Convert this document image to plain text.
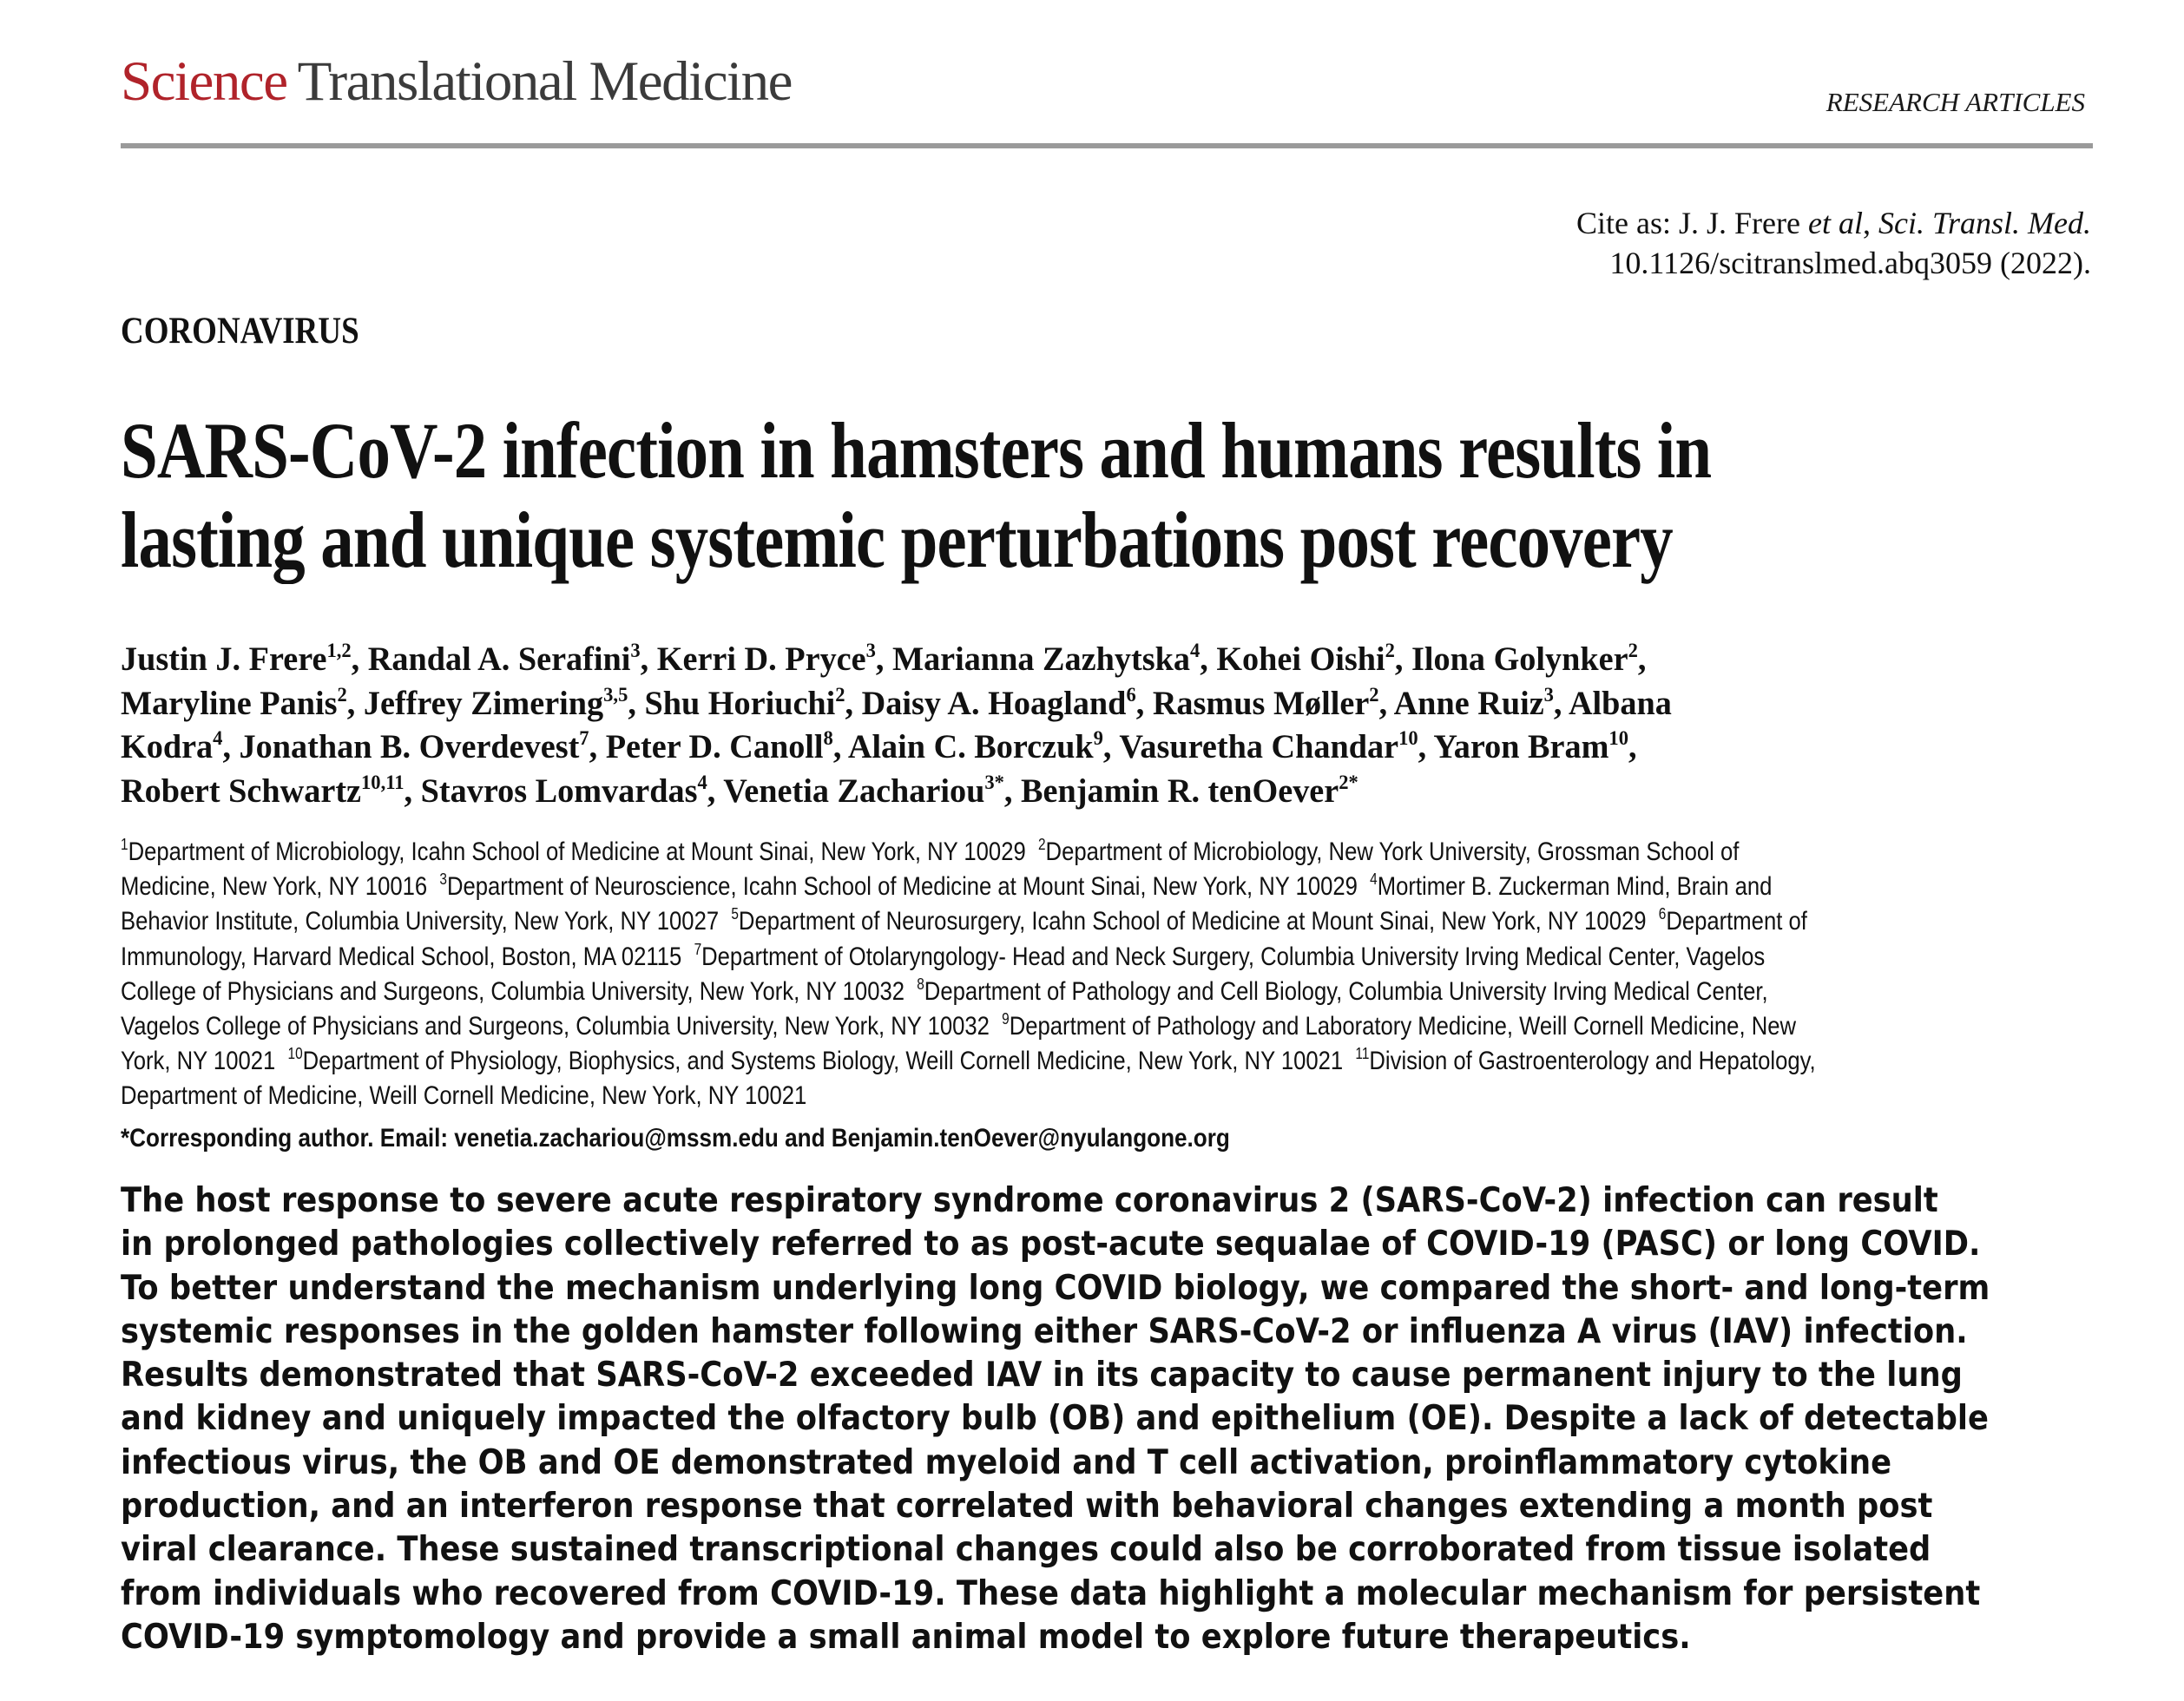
Science Translational Medicine	RESEARCH ARTICLES
Cite as: J. J. Frere et al, Sci. Transl. Med.
10.1126/scitranslmed.abq3059 (2022).
CORONAVIRUS
SARS-CoV-2 infection in hamsters and humans results in
lasting and unique systemic perturbations post recovery
Justin J. Frere$^{1,2}$, Randal A. Serafini$^3$, Kerri D. Pryce$^3$, Marianna Zazhytska$^4$, Kohei Oishi$^2$, Ilona Golynker$^2$,
Maryline Panis$^2$, Jeffrey Zimering$^{3,5}$, Shu Horiuchi$^2$, Daisy A. Hoagland$^6$, Rasmus Møller$^2$, Anne Ruiz$^3$, Albana
Kodra$^4$, Jonathan B. Overdevest$^7$, Peter D. Canoll$^8$, Alain C. Borczuk$^9$, Vasuretha Chandar$^{10}$, Yaron Bram$^{10}$,
Robert Schwartz$^{10,11}$, Stavros Lomvardas$^4$, Venetia Zachariou$^{3*}$, Benjamin R. tenOever$^{2*}$
$^1$Department of Microbiology, Icahn School of Medicine at Mount Sinai, New York, NY 10029  $^2$Department of Microbiology, New York University, Grossman School of
Medicine, New York, NY 10016  $^3$Department of Neuroscience, Icahn School of Medicine at Mount Sinai, New York, NY 10029  $^4$Mortimer B. Zuckerman Mind, Brain and
Behavior Institute, Columbia University, New York, NY 10027  $^5$Department of Neurosurgery, Icahn School of Medicine at Mount Sinai, New York, NY 10029  $^6$Department of
Immunology, Harvard Medical School, Boston, MA 02115  $^7$Department of Otolaryngology- Head and Neck Surgery, Columbia University Irving Medical Center, Vagelos
College of Physicians and Surgeons, Columbia University, New York, NY 10032  $^8$Department of Pathology and Cell Biology, Columbia University Irving Medical Center,
Vagelos College of Physicians and Surgeons, Columbia University, New York, NY 10032  $^9$Department of Pathology and Laboratory Medicine, Weill Cornell Medicine, New
York, NY 10021  $^{10}$Department of Physiology, Biophysics, and Systems Biology, Weill Cornell Medicine, New York, NY 10021  $^{11}$Division of Gastroenterology and Hepatology,
Department of Medicine, Weill Cornell Medicine, New York, NY 10021
*Corresponding author. Email: venetia.zachariou@mssm.edu and Benjamin.tenOever@nyulangone.org
The host response to severe acute respiratory syndrome coronavirus 2 (SARS-CoV-2) infection can result
in prolonged pathologies collectively referred to as post-acute sequalae of COVID-19 (PASC) or long COVID.
To better understand the mechanism underlying long COVID biology, we compared the short- and long-term
systemic responses in the golden hamster following either SARS-CoV-2 or influenza A virus (IAV) infection.
Results demonstrated that SARS-CoV-2 exceeded IAV in its capacity to cause permanent injury to the lung
and kidney and uniquely impacted the olfactory bulb (OB) and epithelium (OE). Despite a lack of detectable
infectious virus, the OB and OE demonstrated myeloid and T cell activation, proinflammatory cytokine
production, and an interferon response that correlated with behavioral changes extending a month post
viral clearance. These sustained transcriptional changes could also be corroborated from tissue isolated
from individuals who recovered from COVID-19. These data highlight a molecular mechanism for persistent
COVID-19 symptomology and provide a small animal model to explore future therapeutics.
